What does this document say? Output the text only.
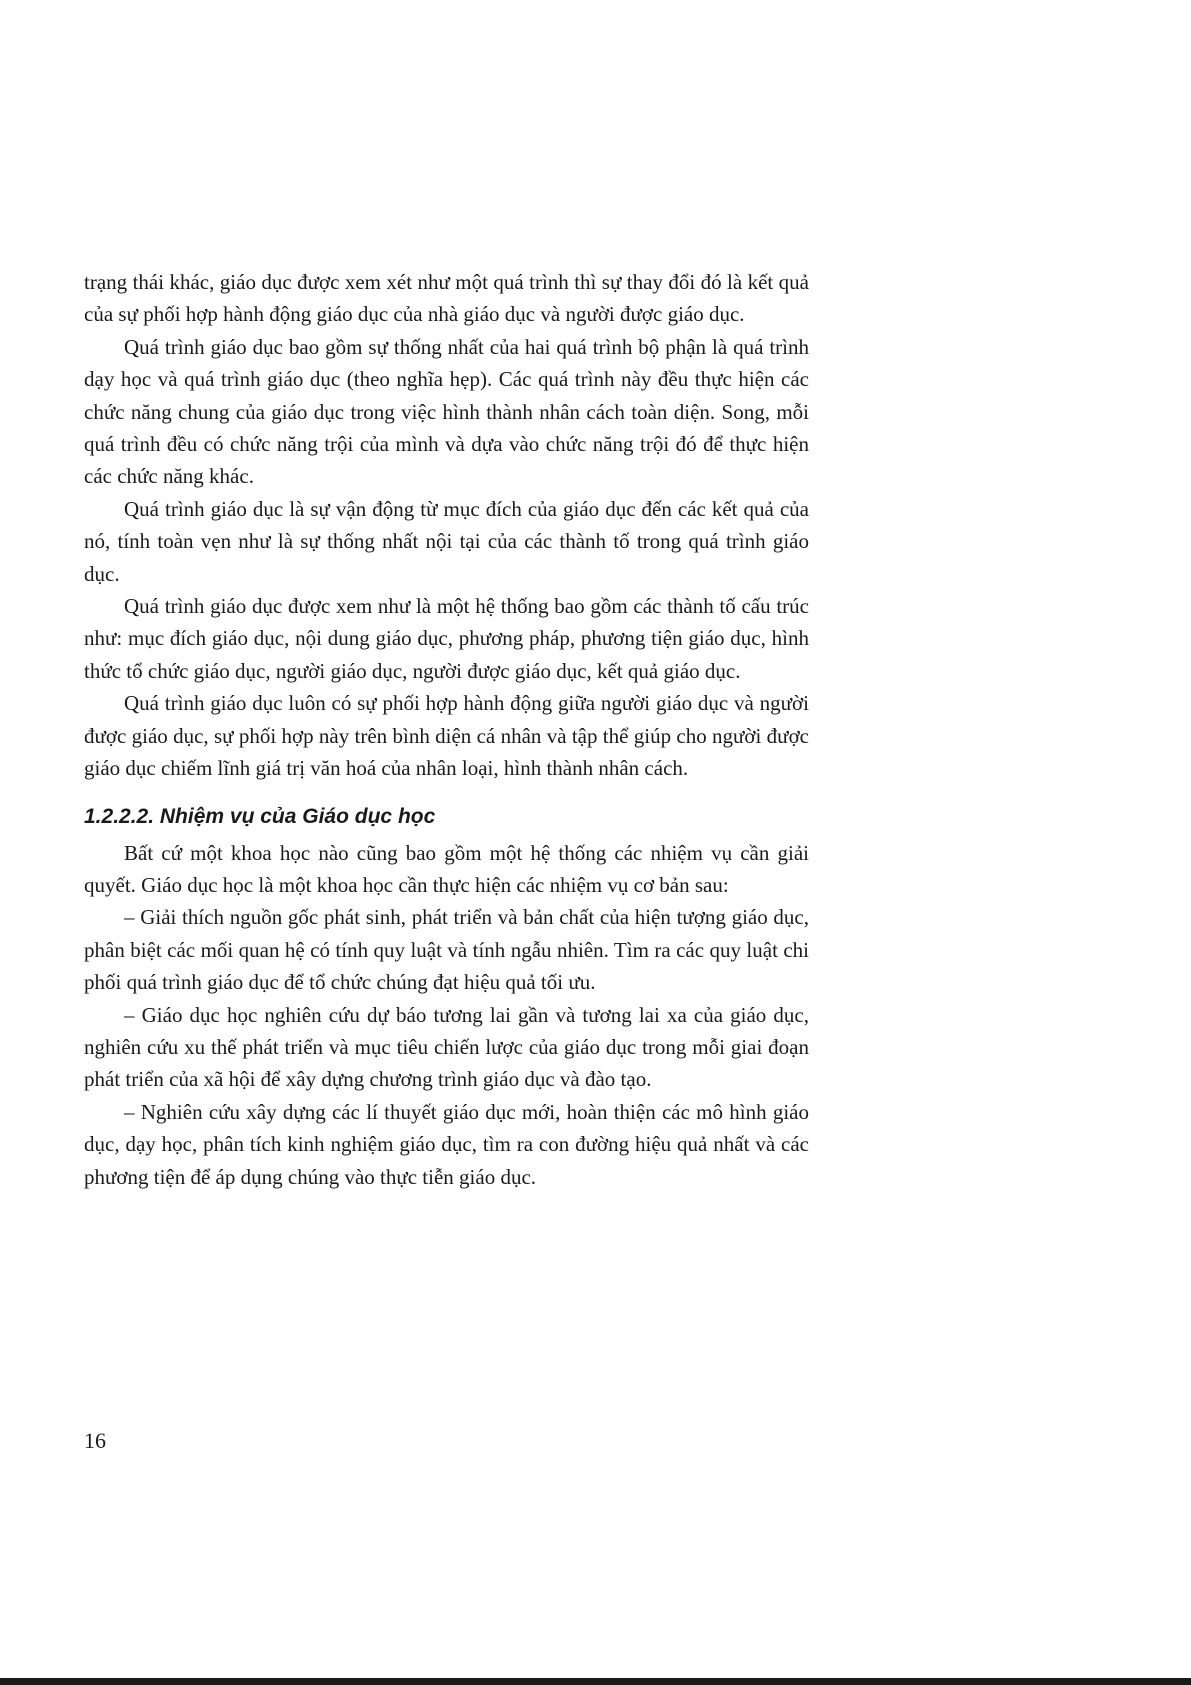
trạng thái khác, giáo dục được xem xét như một quá trình thì sự thay đổi đó là kết quả của sự phối hợp hành động giáo dục của nhà giáo dục và người được giáo dục.

Quá trình giáo dục bao gồm sự thống nhất của hai quá trình bộ phận là quá trình dạy học và quá trình giáo dục (theo nghĩa hẹp). Các quá trình này đều thực hiện các chức năng chung của giáo dục trong việc hình thành nhân cách toàn diện. Song, mỗi quá trình đều có chức năng trội của mình và dựa vào chức năng trội đó để thực hiện các chức năng khác.

Quá trình giáo dục là sự vận động từ mục đích của giáo dục đến các kết quả của nó, tính toàn vẹn như là sự thống nhất nội tại của các thành tố trong quá trình giáo dục.

Quá trình giáo dục được xem như là một hệ thống bao gồm các thành tố cấu trúc như: mục đích giáo dục, nội dung giáo dục, phương pháp, phương tiện giáo dục, hình thức tổ chức giáo dục, người giáo dục, người được giáo dục, kết quả giáo dục.

Quá trình giáo dục luôn có sự phối hợp hành động giữa người giáo dục và người được giáo dục, sự phối hợp này trên bình diện cá nhân và tập thể giúp cho người được giáo dục chiếm lĩnh giá trị văn hoá của nhân loại, hình thành nhân cách.

1.2.2.2. Nhiệm vụ của Giáo dục học

Bất cứ một khoa học nào cũng bao gồm một hệ thống các nhiệm vụ cần giải quyết. Giáo dục học là một khoa học cần thực hiện các nhiệm vụ cơ bản sau:

– Giải thích nguồn gốc phát sinh, phát triển và bản chất của hiện tượng giáo dục, phân biệt các mối quan hệ có tính quy luật và tính ngẫu nhiên. Tìm ra các quy luật chi phối quá trình giáo dục để tổ chức chúng đạt hiệu quả tối ưu.

– Giáo dục học nghiên cứu dự báo tương lai gần và tương lai xa của giáo dục, nghiên cứu xu thế phát triển và mục tiêu chiến lược của giáo dục trong mỗi giai đoạn phát triển của xã hội để xây dựng chương trình giáo dục và đào tạo.

– Nghiên cứu xây dựng các lí thuyết giáo dục mới, hoàn thiện các mô hình giáo dục, dạy học, phân tích kinh nghiệm giáo dục, tìm ra con đường hiệu quả nhất và các phương tiện để áp dụng chúng vào thực tiễn giáo dục.

16
